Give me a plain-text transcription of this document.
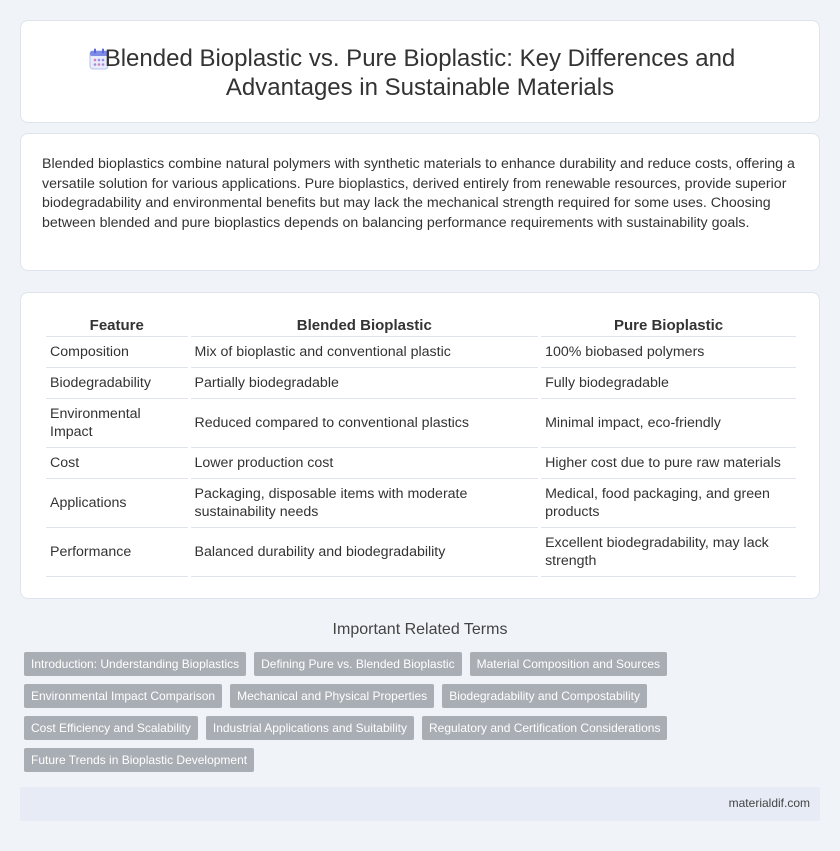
Blended Bioplastic vs. Pure Bioplastic: Key Differences and
Advantages in Sustainable Materials

Blended bioplastics combine natural polymers with synthetic materials to enhance durability and reduce costs, offering a versatile solution for various applications. Pure bioplastics, derived entirely from renewable resources, provide superior biodegradability and environmental benefits but may lack the mechanical strength required for some uses. Choosing between blended and pure bioplastics depends on balancing performance requirements with sustainability goals.

Feature	Blended Bioplastic	Pure Bioplastic
Composition	Mix of bioplastic and conventional plastic	100% biobased polymers
Biodegradability	Partially biodegradable	Fully biodegradable
Environmental Impact	Reduced compared to conventional plastics	Minimal impact, eco-friendly
Cost	Lower production cost	Higher cost due to pure raw materials
Applications	Packaging, disposable items with moderate sustainability needs	Medical, food packaging, and green products
Performance	Balanced durability and biodegradability	Excellent biodegradability, may lack strength
Important Related Terms
Introduction: Understanding Bioplastics	Defining Pure vs. Blended Bioplastic	Material Composition and Sources
Environmental Impact Comparison	Mechanical and Physical Properties	Biodegradability and Compostability
Cost Efficiency and Scalability	Industrial Applications and Suitability	Regulatory and Certification Considerations
Future Trends in Bioplastic Development
materialdif.com
